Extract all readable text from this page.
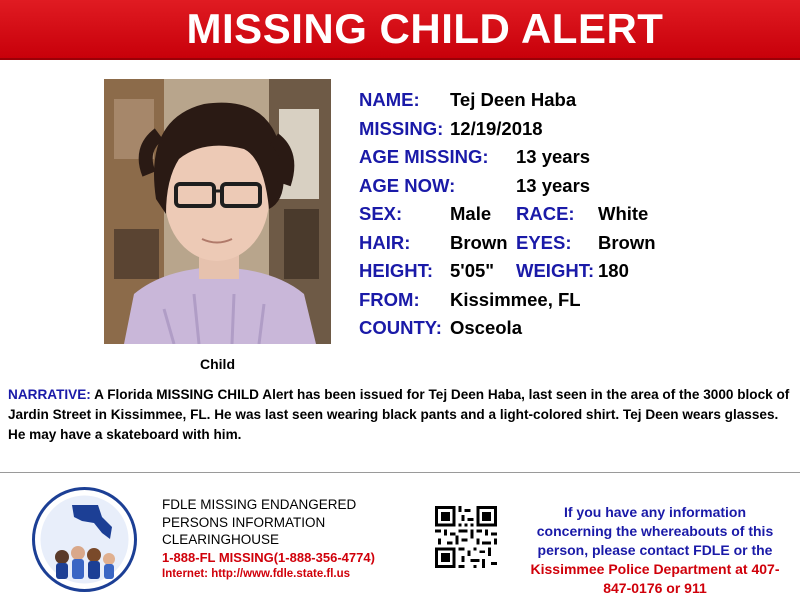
MISSING CHILD ALERT
Child
NAME: Tej Deen Haba
MISSING: 12/19/2018
AGE MISSING: 13 years
AGE NOW:	13 years
SEX:	Male RACE: White
HAIR: Brown EYES: Brown
HEIGHT: 5'05" WEIGHT: 180
FROM: Kissimmee, FL
COUNTY: Osceola
NARRATIVE: A Florida MISSING CHILD Alert has been issued for Tej Deen Haba, last seen in the area of the 3000 block of Jardin Street in Kissimmee, FL. He was last seen wearing black pants and a light-colored shirt. Tej Deen wears glasses. He may have a skateboard with him.
FDLE MISSING ENDANGERED
PERSONS INFORMATION
CLEARINGHOUSE
1-888-FL MISSING(1-888-356-4774)
Internet: http://www.fdle.state.fl.us
If you have any information
concerning the whereabouts of this
person, please contact FDLE or the
Kissimmee Police Department at 407-
847-0176 or 911
